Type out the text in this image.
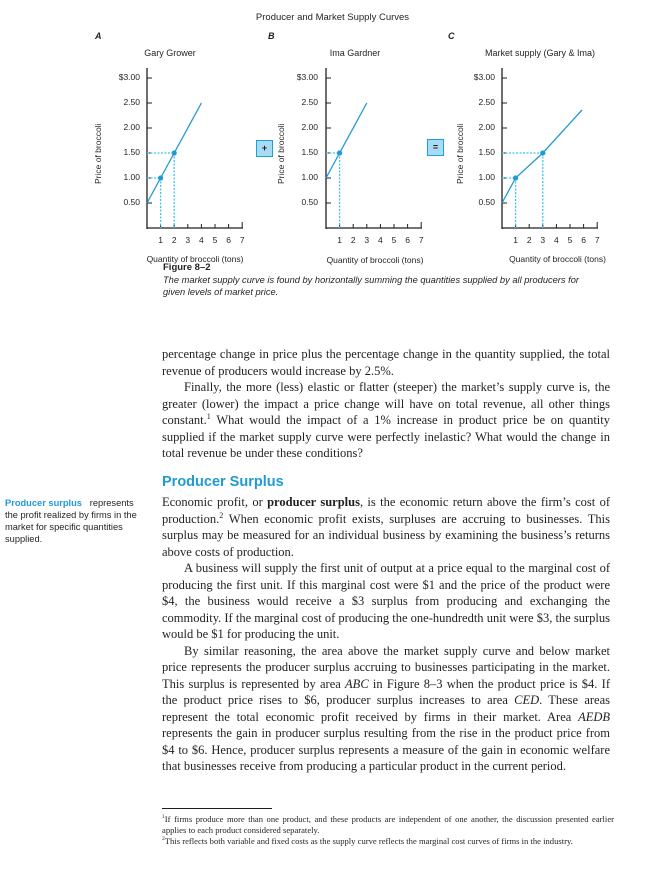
Producer and Market Supply Curves
A
Gary Grower
Price of broccoli
$3.00
2.50
2.00
1.50
1.00
0.50
1	2	3	4	5	6	7
Quantity of broccoli (tons)
+
B
Ima Gardner
Price of broccoli
$3.00
2.50
2.00
1.50
1.00
0.50
1	2	3	4	5	6	7
Quantity of broccoli (tons)
=
C
Market supply (Gary & Ima)
Price of broccoli
$3.00
2.50
2.00
1.50
1.00
0.50
1	2	3	4	5	6	7
Quantity of broccoli (tons)
Figure 8–2
The market supply curve is found by horizontally summing the quantities supplied by all producers for given levels of market price.

percentage change in price plus the percentage change in the quantity supplied, the total revenue of producers would increase by 2.5%.

Finally, the more (less) elastic or flatter (steeper) the market’s supply curve is, the greater (lower) the impact a price change will have on total revenue, all other things constant.$^1$ What would the impact of a 1% increase in product price be on quantity supplied if the market supply curve were perfectly inelastic? What would the change in total revenue be under these conditions?

Producer Surplus
Producer surplus   represents the profit realized by firms in the market for specific quantities supplied.

Economic profit, or producer surplus, is the economic return above the firm’s cost of production.$^2$ When economic profit exists, surpluses are accruing to businesses. This surplus may be measured for an individual business by examining the business’s returns above costs of production.

A business will supply the first unit of output at a price equal to the marginal cost of producing the first unit. If this marginal cost were $1 and the price of the product were $4, the business would receive a $3 surplus from producing and exchanging the commodity. If the marginal cost of producing the one-hundredth unit were $3, the surplus would be $1 for producing the unit.

By similar reasoning, the area above the market supply curve and below market price represents the producer surplus accruing to businesses participating in the market. This surplus is represented by area ABC in Figure 8–3 when the product price is $4. If the product price rises to $6, producer surplus increases to area CED. These areas represent the total economic profit received by firms in their market. Area AEDB represents the gain in producer surplus resulting from the rise in the product price from $4 to $6. Hence, producer surplus represents a measure of the gain in economic welfare that businesses receive from producing a particular product in the current period.

$^1$If firms produce more than one product, and these products are independent of one another, the discussion presented earlier applies to each product considered separately.

$^2$This reflects both variable and fixed costs as the supply curve reflects the marginal cost curves of firms in the industry.
